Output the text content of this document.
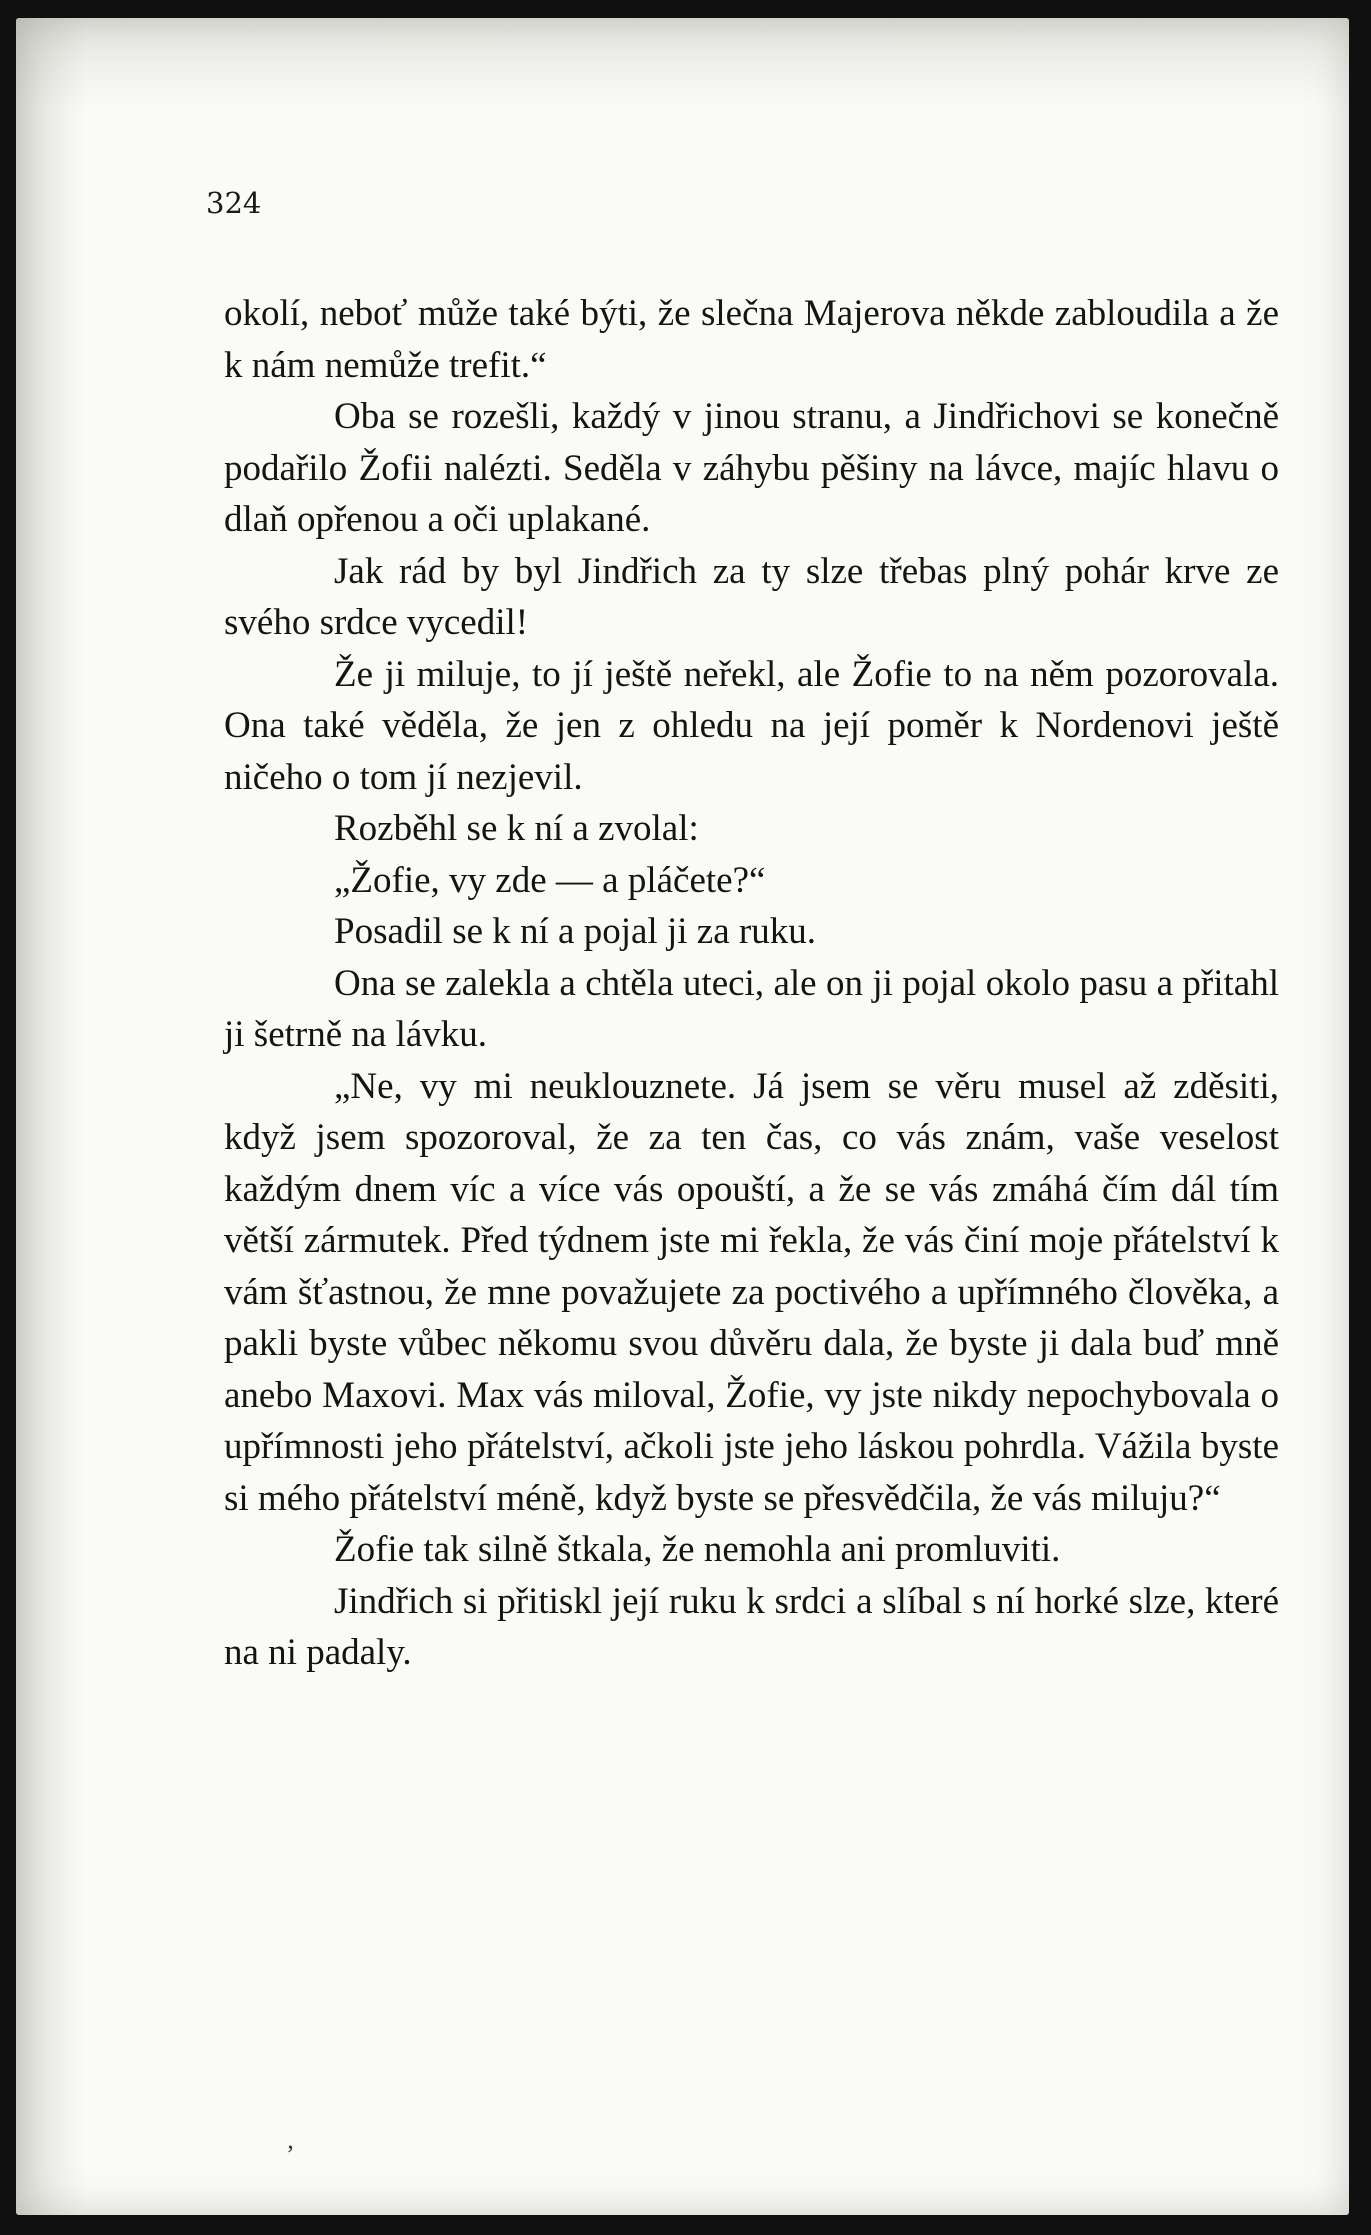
324

okolí, neboť může také býti, že slečna Majerova někde zabloudila a že k nám nemůže trefit.“

Oba se rozešli, každý v jinou stranu, a Jindřichovi se konečně podařilo Žofii nalézti. Seděla v záhybu pěšiny na lávce, majíc hlavu o dlaň opřenou a oči uplakané.

Jak rád by byl Jindřich za ty slze třebas plný pohár krve ze svého srdce vycedil!

Že ji miluje, to jí ještě neřekl, ale Žofie to na něm pozorovala. Ona také věděla, že jen z ohledu na její poměr k Nordenovi ještě ničeho o tom jí nezjevil.

Rozběhl se k ní a zvolal:

„Žofie, vy zde — a pláčete?“

Posadil se k ní a pojal ji za ruku.

Ona se zalekla a chtěla uteci, ale on ji pojal okolo pasu a přitahl ji šetrně na lávku.

„Ne, vy mi neuklouznete. Já jsem se věru musel až zděsiti, když jsem spozoroval, že za ten čas, co vás znám, vaše veselost každým dnem víc a více vás opouští, a že se vás zmáhá čím dál tím větší zármutek. Před týdnem jste mi řekla, že vás činí moje přátelství k vám šťastnou, že mne považujete za poctivého a upřímného člověka, a pakli byste vůbec někomu svou důvěru dala, že byste ji dala buď mně anebo Maxovi. Max vás miloval, Žofie, vy jste nikdy nepochybovala o upřímnosti jeho přátelství, ačkoli jste jeho láskou pohrdla. Vážila byste si mého přátelství méně, když byste se přesvědčila, že vás miluju?“

Žofie tak silně štkala, že nemohla ani promluviti.

Jindřich si přitiskl její ruku k srdci a slíbal s ní horké slze, které na ni padaly.

ʼ
